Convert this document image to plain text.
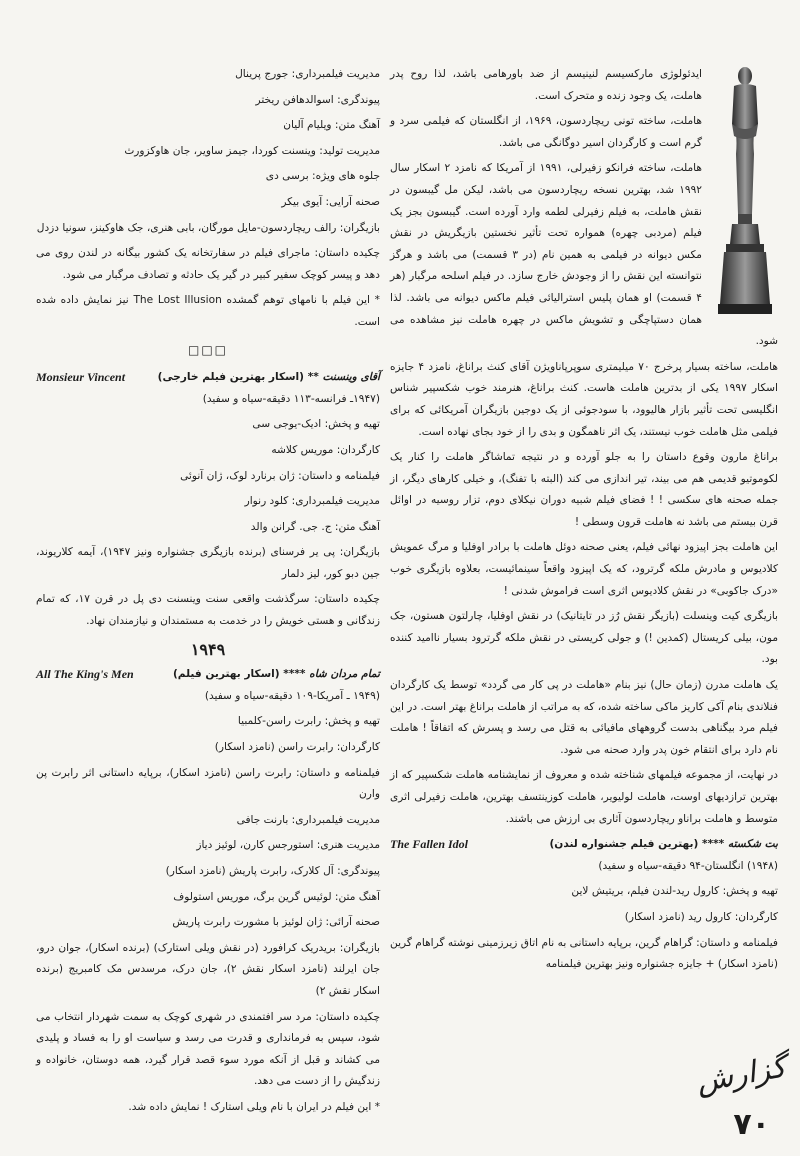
ایدئولوژی مارکسیسم لنینیسم از ضد باورهامی باشد، لذا روح پدر هاملت، یک وجود زنده و متحرک است.

هاملت، ساخته تونی ریچاردسون، ۱۹۶۹، از انگلستان که فیلمی سرد و گرم است و کارگردان اسیر دوگانگی می باشد.

هاملت، ساخته فرانکو زفیرلی، ۱۹۹۱ از آمریکا که نامزد ۲ اسکار سال ۱۹۹۲ شد، بهترین نسخه ریچاردسون می باشد، لیکن مل گیبسون در نقش هاملت، به فیلم زفیرلی لطمه وارد آورده است. گیبسون بجز یک فیلم (مردبی چهره) همواره تحت تأثیر نخستین بازیگریش در نقش مکس دیوانه در فیلمی به همین نام (در ۳ قسمت) می باشد و هرگز نتوانسته این نقش را از وجودش خارج سازد. در فیلم اسلحه مرگبار (هر ۴ قسمت) او همان پلیس استرالیائی فیلم ماکس دیوانه می باشد. لذا همان دستپاچگی و تشویش ماکس در چهره هاملت نیز مشاهده می شود.

هاملت، ساخته بسیار پرخرج ۷۰ میلیمتری سوپرپاناویژن آقای کنث براناغ، نامزد ۴ جایزه اسکار ۱۹۹۷ یکی از بدترین هاملت هاست. کنث براناغ، هنرمند خوب شکسپیر شناس انگلیسی تحت تأثیر بازار هالیوود، با سودجوئی از یک دوجین بازیگران آمریکائی که برای فیلمی مثل هاملت خوب نیستند، یک اثر ناهمگون و بدی را از خود بجای نهاده است.

براناغ مارون وقوع داستان را به جلو آورده و در نتیجه تماشاگر هاملت را کنار یک لکوموتیو قدیمی هم می بیند، تیر اندازی می کند (البته با تفنگ)، و خیلی کارهای دیگر، از جمله صحنه های سکسی ! ! فضای فیلم شبیه دوران نیکلای دوم، تزار روسیه در اوائل قرن بیستم می باشد نه هاملت قرون وسطی !

این هاملت بجز اپیزود نهائی فیلم، یعنی صحنه دوئل هاملت با برادر اوفلیا و مرگ عمویش کلادیوس و مادرش ملکه گرترود، که یک اپیزود واقعاً سینمائیست، بعلاوه بازیگری خوب «درک جاکوبی» در نقش کلادیوس اثری است فراموش شدنی !

بازیگری کیت وینسلت (بازیگر نقش رُز در تایتانیک) در نقش اوفلیا، چارلتون هستون، جک مون، بیلی کریستال (کمدین !) و جولی کریستی در نقش ملکه گرترود بسیار ناامید کننده بود.

یک هاملت مدرن (زمان حال) نیز بنام «هاملت در پی کار می گردد» توسط یک کارگردان فنلاندی بنام آکی کاریز ماکی ساخته شده، که به مراتب از هاملت براناغ بهتر است. در این فیلم مرد بیگناهی بدست گروههای مافیائی به قتل می رسد و پسرش که اتفاقاً ! هاملت نام دارد برای انتقام خون پدر وارد صحنه می شود.

در نهایت، از مجموعه فیلمهای شناخته شده و معروف از نمایشنامه هاملت شکسپیر که از بهترین ترازدیهای اوست، هاملت لولیویر، هاملت کوزینتسف بهترین، هاملت زفیرلی اثری متوسط و هاملت براناو ریچاردسون آثاری بی ارزش می باشند.

The Fallen Idol	بت شکسته **** (بهترین فیلم جشنواره لندن)

(۱۹۴۸) انگلستان-۹۴ دقیقه-سیاه و سفید)

تهیه و پخش: کارول رید-لندن فیلم، بریتیش لاین

کارگردان: کارول رید (نامزد اسکار)

فیلمنامه و داستان: گراهام گرین، برپایه داستانی به نام اتاق زیرزمینی نوشته گراهام گرین (نامزد اسکار) + جایزه جشنواره ونیز بهترین فیلمنامه

مدیریت فیلمبرداری: جورج پرینال

پیوندگری: اسوالدهافن ریختر

آهنگ متن: ویلیام آلیان

مدیریت تولید: وینسنت کوردا، جیمز ساویر، جان هاوکزورث

جلوه های ویژه: برسی دی

صحنه آرایی: آیوی بیکر

بازیگران: رالف ریچاردسون-مایل مورگان، بابی هنری، جک هاوکینز، سونیا دزدل

چکیده داستان: ماجرای فیلم در سفارتخانه یک کشور بیگانه در لندن روی می دهد و پیسر کوچک سفیر کبیر در گیر یک حادثه و تصادف مرگبار می شود.

* این فیلم با نامهای توهم گمشده The Lost Illusion نیز نمایش داده شده است.

□□□
Monsieur Vincent	آقای وینسنت ** (اسکار بهترین فیلم خارجی)

(۱۹۴۷ـ فرانسه-۱۱۳ دقیقه-سیاه و سفید)

تهیه و پخش: ادیک-یوجی سی

کارگردان: موریس کلاشه

فیلمنامه و داستان: ژان برنارد لوک، ژان آنوئی

مدیریت فیلمبرداری: کلود رنوار

آهنگ متن: ج. جی. گرانن والد

بازیگران: پی یر فرسنای (برنده بازیگری جشنواره ونیز ۱۹۴۷)، آیمه کلاریوند، جین دبو کور، لیز دلمار

چکیده داستان: سرگذشت واقعی سنت وینسنت دی پل در قرن ۱۷، که تمام زندگانی و هستی خویش را در خدمت به مستمندان و نیازمندان نهاد.

۱۹۴۹
All The King's Men	تمام مردان شاه **** (اسکار بهترین فیلم)

(۱۹۴۹ ـ آمریکا-۱۰۹ دقیقه-سیاه و سفید)

تهیه و پخش: رابرت راسن-کلمبیا

کارگردان: رابرت راسن (نامزد اسکار)

فیلمنامه و داستان: رابرت راسن (نامزد اسکار)، برپایه داستانی اثر رابرت پن وارن

مدیریت فیلمبرداری: بارنت جافی

مدیریت هنری: استورجس کارن، لوئیز دیاز

پیوندگری: آل کلارک، رابرت پاریش (نامزد اسکار)

آهنگ متن: لوئیس گرین برگ، موریس استولوف

صحنه آرائی: ژان لوئیز با مشورت رابرت پاریش

بازیگران: بریدریک کرافورد (در نقش ویلی استارک) (برنده اسکار)، جوان درو، جان ایرلند (نامزد اسکار نقش ۲)، جان درک، مرسدس مک کامبریج (برنده اسکار نقش ۲)

چکیده داستان: مرد سر افتمندی در شهری کوچک به سمت شهردار انتخاب می شود، سپس به فرمانداری و قدرت می رسد و سیاست او را به فساد و پلیدی می کشاند و قبل از آنکه مورد سوء قصد قرار گیرد، همه دوستان، خانواده و زندگیش را از دست می دهد.

* این فیلم در ایران با نام ویلی استارک ! نمایش داده شد.

گزارش
۷۰
